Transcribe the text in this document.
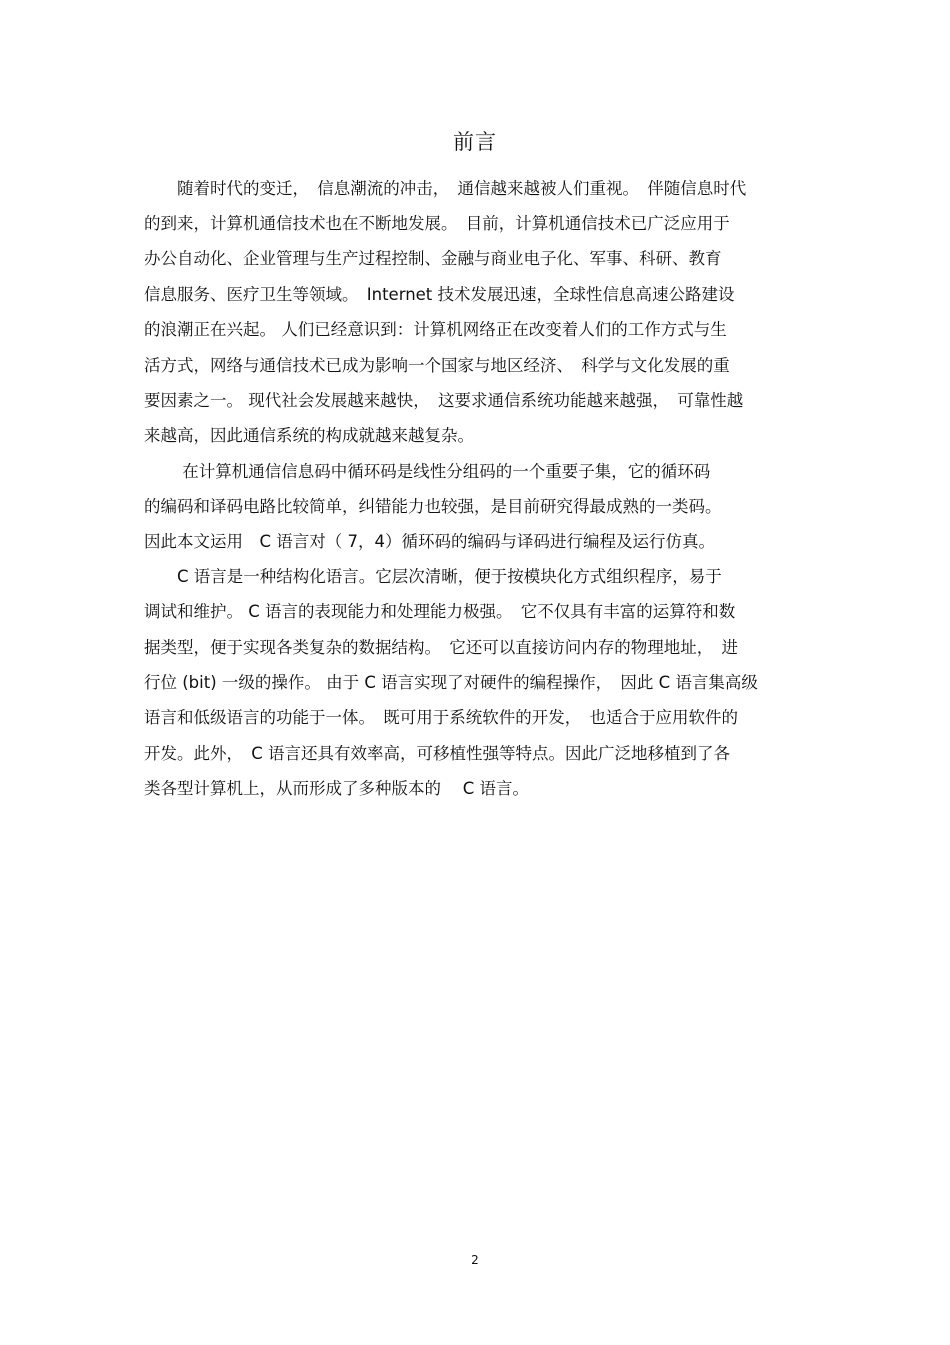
前言
　　随着时代的变迁，　信息潮流的冲击，　通信越来越被人们重视。　伴随信息时代
的到来，计算机通信技术也在不断地发展。　目前，计算机通信技术已广泛应用于
办公自动化、企业管理与生产过程控制、金融与商业电子化、军事、科研、教育
信息服务、医疗卫生等领域。　Internet 技术发展迅速，全球性信息高速公路建设
的浪潮正在兴起。 人们已经意识到：计算机网络正在改变着人们的工作方式与生
活方式，网络与通信技术已成为影响一个国家与地区经济、　科学与文化发展的重
要因素之一。 现代社会发展越来越快，　这要求通信系统功能越来越强，　可靠性越
来越高，因此通信系统的构成就越来越复杂。
　　 在计算机通信信息码中循环码是线性分组码的一个重要子集，它的循环码
的编码和译码电路比较简单，纠错能力也较强，是目前研究得最成熟的一类码。
因此本文运用　C 语言对（ 7，4）循环码的编码与译码进行编程及运行仿真。
　　C 语言是一种结构化语言。它层次清晰，便于按模块化方式组织程序，易于
调试和维护。 C 语言的表现能力和处理能力极强。　它不仅具有丰富的运算符和数
据类型，便于实现各类复杂的数据结构。　它还可以直接访问内存的物理地址，　进
行位 (bit) 一级的操作。 由于 C 语言实现了对硬件的编程操作，　因此 C 语言集高级
语言和低级语言的功能于一体。　既可用于系统软件的开发，　也适合于应用软件的
开发。此外，　C 语言还具有效率高，可移植性强等特点。因此广泛地移植到了各
类各型计算机上，从而形成了多种版本的　 C 语言。
2
